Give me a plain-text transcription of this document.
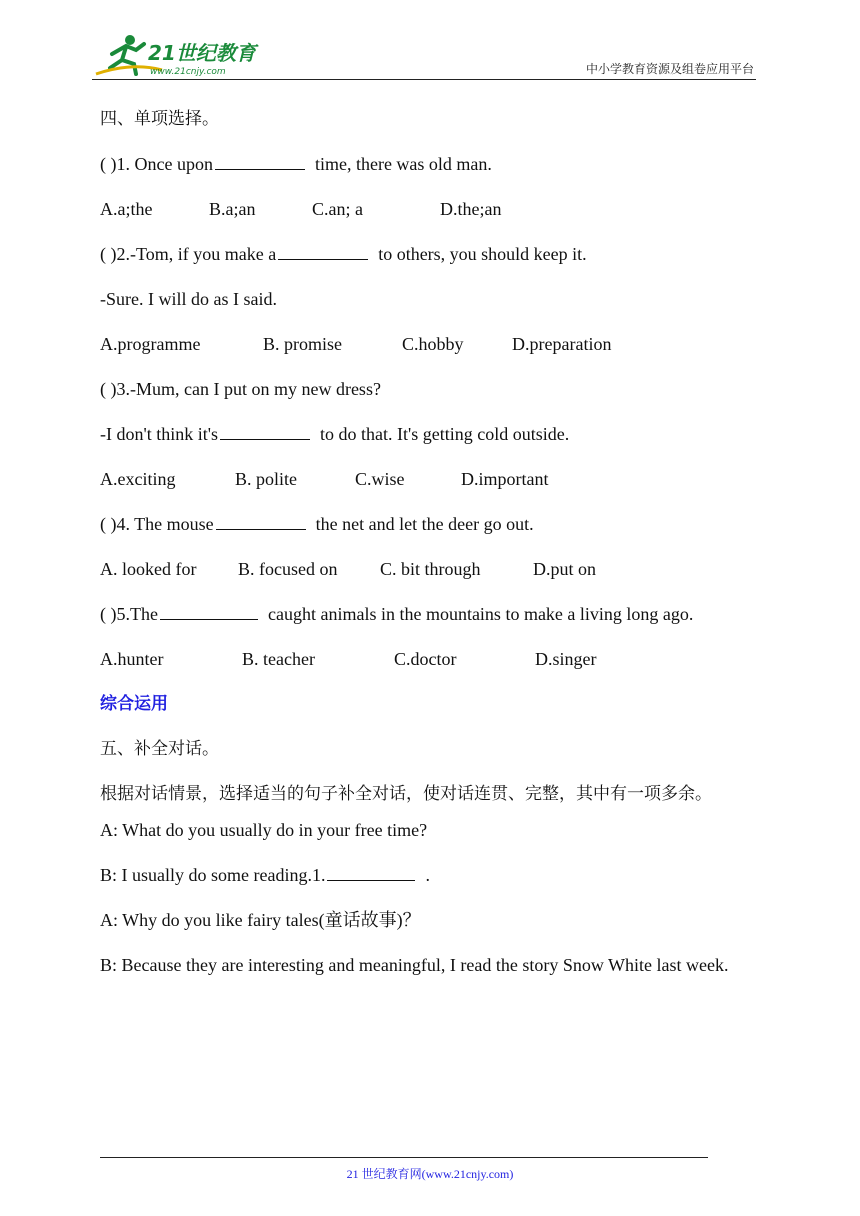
21世纪教育
www.21cnjy.com	中小学教育资源及组卷应用平台
四、单项选择。
( )1. Once upon	time, there was old man.
A.a;the	B.a;an	C.an; a	D.the;an
( )2.-Tom, if you make a	to others, you should keep it.
-Sure. I will do as I said.
A.programme	B. promise	C.hobby	D.preparation
( )3.-Mum, can I put on my new dress?
-I don't think it's	to do that. It's getting cold outside.
A.exciting	B. polite	C.wise	D.important
( )4. The mouse	the net and let the deer go out.
A. looked for B. focused on C. bit through	D.put on
( )5.The	caught animals in the mountains to make a living long ago.
A.hunter	B. teacher	C.doctor	D.singer
综合运用
五、补全对话。
根据对话情景，选择适当的句子补全对话，使对话连贯、完整，其中有一项多余。
A: What do you usually do in your free time?
B: I usually do some reading.1.	.
A: Why do you like fairy tales(童话故事)？
B: Because they are interesting and meaningful, I read the story Snow White last week.
21 世纪教育网(www.21cnjy.com)
